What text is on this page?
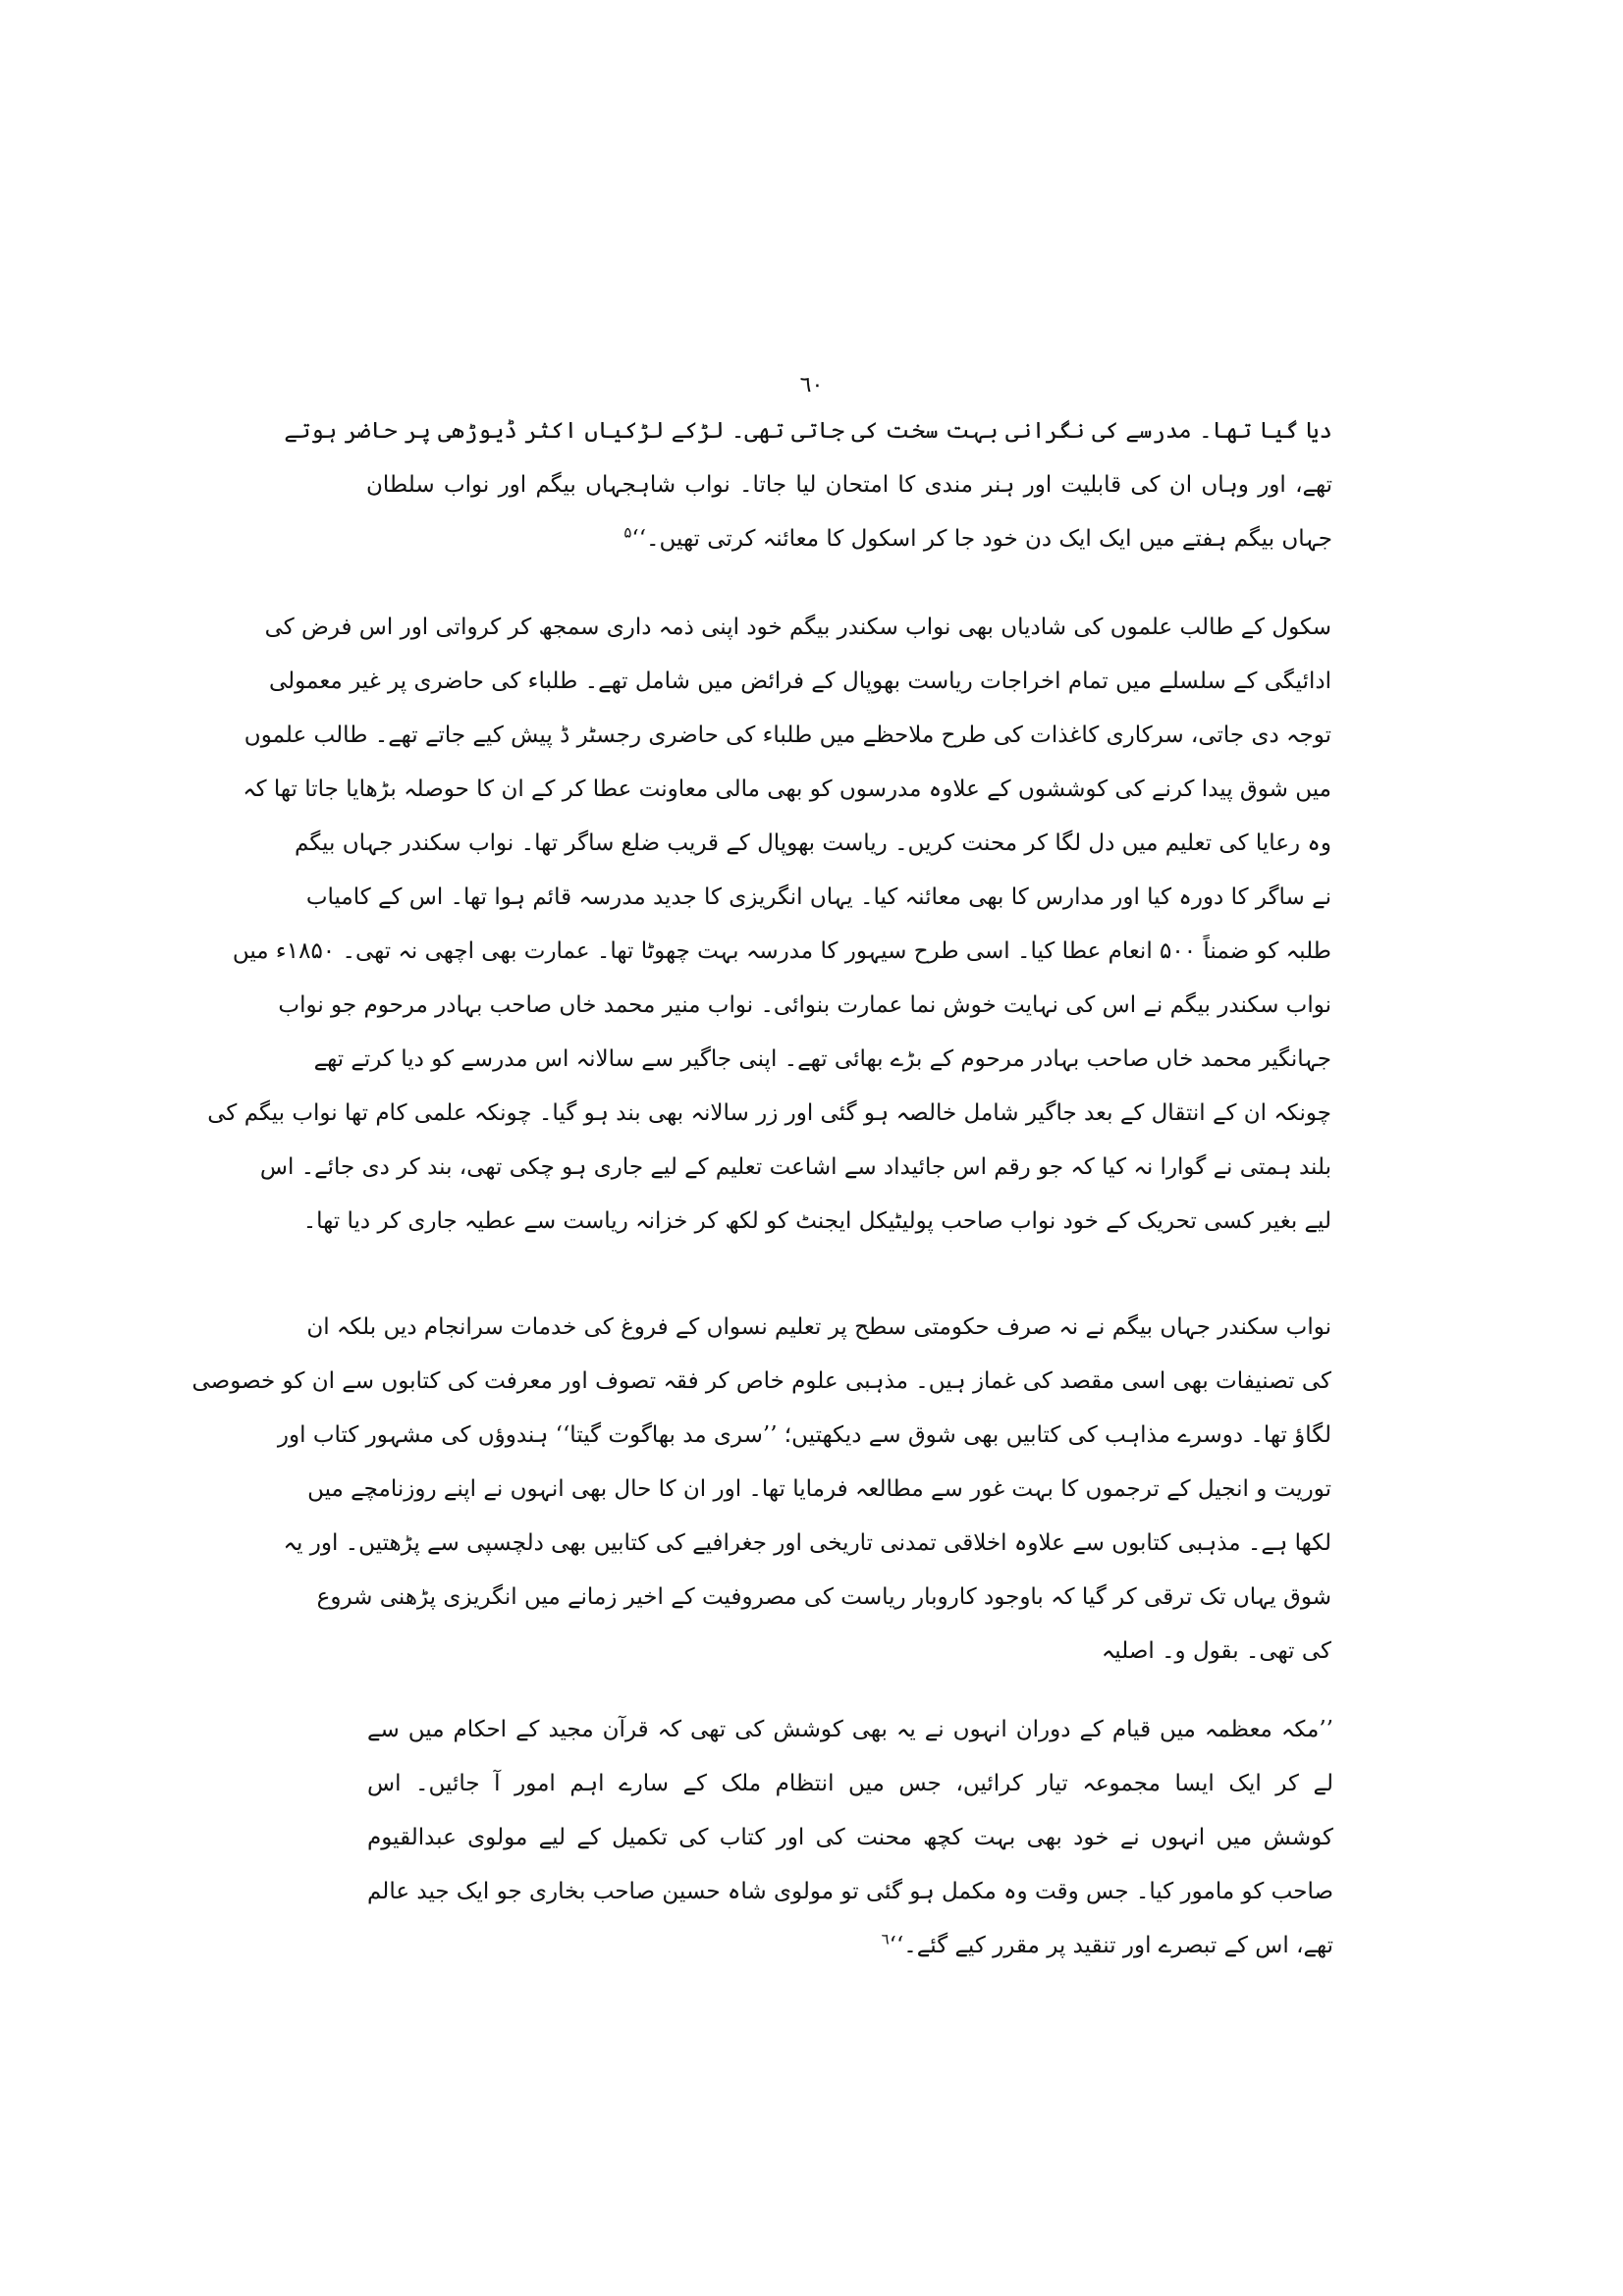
٦٠
دیا گیا تھا۔ مدرسے کی نگرانی بہت سخت کی جاتی تھی۔ لڑکے لڑکیاں اکثر ڈیوڑھی پر حاضر ہوتے
تھے، اور وہاں ان کی قابلیت اور ہنر مندی کا امتحان لیا جاتا۔ نواب شاہجہاں بیگم اور نواب سلطان
جہاں بیگم ہفتے میں ایک ایک دن خود جا کر اسکول کا معائنہ کرتی تھیں۔‘‘$^۵$
سکول کے طالب علموں کی شادیاں بھی نواب سکندر بیگم خود اپنی ذمہ داری سمجھ کر کرواتی اور اس فرض کی
ادائیگی کے سلسلے میں تمام اخراجات ریاست بھوپال کے فرائض میں شامل تھے۔ طلباء کی حاضری پر غیر معمولی
توجہ دی جاتی، سرکاری کاغذات کی طرح ملاحظے میں طلباء کی حاضری رجسٹر ڈ پیش کیے جاتے تھے۔ طالب علموں
میں شوق پیدا کرنے کی کوششوں کے علاوہ مدرسوں کو بھی مالی معاونت عطا کر کے ان کا حوصلہ بڑھایا جاتا تھا کہ
وہ رعایا کی تعلیم میں دل لگا کر محنت کریں۔ ریاست بھوپال کے قریب ضلع ساگر تھا۔ نواب سکندر جہاں بیگم
نے ساگر کا دورہ کیا اور مدارس کا بھی معائنہ کیا۔ یہاں انگریزی کا جدید مدرسہ قائم ہوا تھا۔ اس کے کامیاب
طلبہ کو ضمناً ۵۰۰ انعام عطا کیا۔ اسی طرح سیہور کا مدرسہ بہت چھوٹا تھا۔ عمارت بھی اچھی نہ تھی۔ ۱۸۵۰ء میں
نواب سکندر بیگم نے اس کی نہایت خوش نما عمارت بنوائی۔ نواب منیر محمد خاں صاحب بہادر مرحوم جو نواب
جہانگیر محمد خاں صاحب بہادر مرحوم کے بڑے بھائی تھے۔ اپنی جاگیر سے سالانہ اس مدرسے کو دیا کرتے تھے
چونکہ ان کے انتقال کے بعد جاگیر شامل خالصہ ہو گئی اور زر سالانہ بھی بند ہو گیا۔ چونکہ علمی کام تھا نواب بیگم کی
بلند ہمتی نے گوارا نہ کیا کہ جو رقم اس جائیداد سے اشاعت تعلیم کے لیے جاری ہو چکی تھی، بند کر دی جائے۔ اس
لیے بغیر کسی تحریک کے خود نواب صاحب پولیٹیکل ایجنٹ کو لکھ کر خزانہ ریاست سے عطیہ جاری کر دیا تھا۔
نواب سکندر جہاں بیگم نے نہ صرف حکومتی سطح پر تعلیم نسواں کے فروغ کی خدمات سرانجام دیں بلکہ ان
کی تصنیفات بھی اسی مقصد کی غماز ہیں۔ مذہبی علوم خاص کر فقہ تصوف اور معرفت کی کتابوں سے ان کو خصوصی
لگاؤ تھا۔ دوسرے مذاہب کی کتابیں بھی شوق سے دیکھتیں؛ ’’سری مد بھاگوت گیتا‘‘ ہندوؤں کی مشہور کتاب اور
توریت و انجیل کے ترجموں کا بہت غور سے مطالعہ فرمایا تھا۔ اور ان کا حال بھی انہوں نے اپنے روزنامچے میں
لکھا ہے۔ مذہبی کتابوں سے علاوہ اخلاقی تمدنی تاریخی اور جغرافیے کی کتابیں بھی دلچسپی سے پڑھتیں۔ اور یہ
شوق یہاں تک ترقی کر گیا کہ باوجود کاروبار ریاست کی مصروفیت کے اخیر زمانے میں انگریزی پڑھنی شروع
کی تھی۔ بقول و۔ اصلیہ
’’مکہ معظمہ میں قیام کے دوران انہوں نے یہ بھی کوشش کی تھی کہ قرآن مجید کے احکام میں سے
لے کر ایک ایسا مجموعہ تیار کرائیں، جس میں انتظام ملک کے سارے اہم امور آ جائیں۔ اس
کوشش میں انہوں نے خود بھی بہت کچھ محنت کی اور کتاب کی تکمیل کے لیے مولوی عبدالقیوم
صاحب کو مامور کیا۔ جس وقت وہ مکمل ہو گئی تو مولوی شاہ حسین صاحب بخاری جو ایک جید عالم
تھے، اس کے تبصرے اور تنقید پر مقرر کیے گئے۔‘‘$^٦$
